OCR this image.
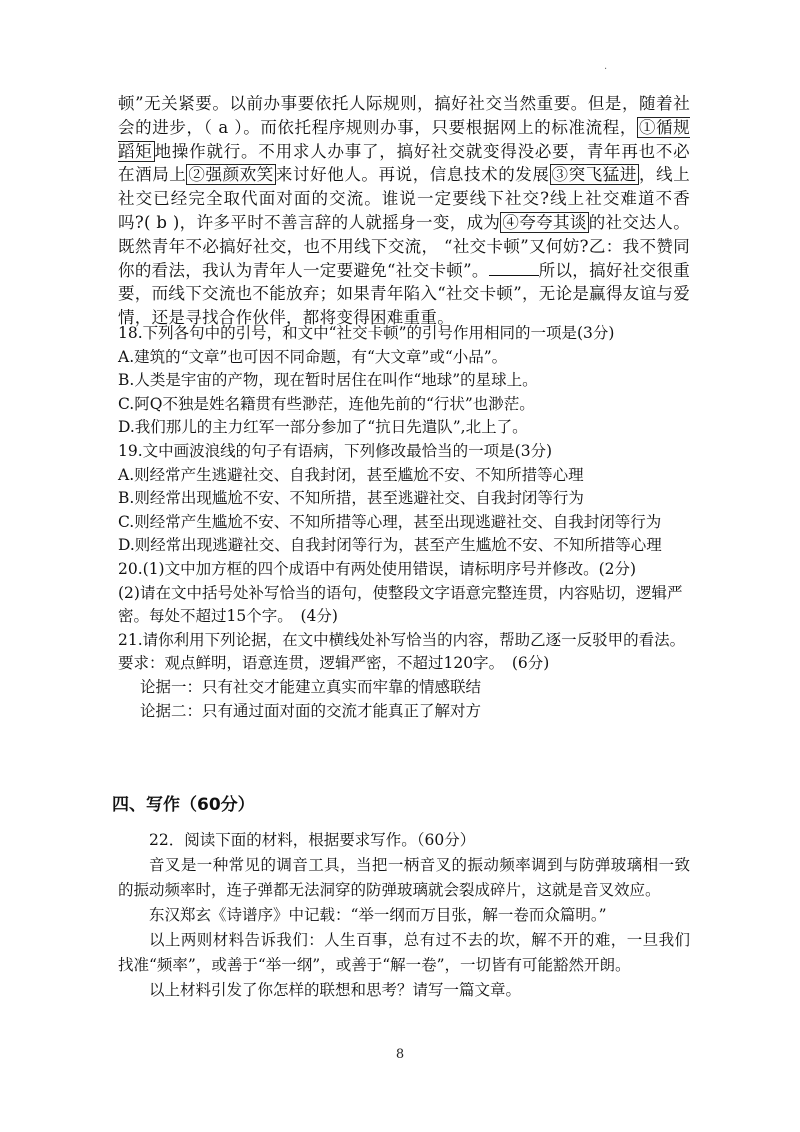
·
顿”无关紧要。以前办事要依托人际规则，搞好社交当然重要。但是，随着社会的进步，（ a ）。而依托程序规则办事，只要根据网上的标准流程， ①循规蹈矩 地操作就行。不用求人办事了，搞好社交就变得没必要，青年再也不必在酒局上 ②强颜欢笑 来讨好他人。再说，信息技术的发展 ③突飞猛进 ，线上社交已经完全取代面对面的交流。谁说一定要线下社交?线上社交难道不香吗?( b )，许多平时不善言辞的人就摇身一变，成为 ④夸夸其谈 的社交达人。既然青年不必搞好社交，也不用线下交流， “社交卡顿”又何妨?乙：我不赞同你的看法，我认为青年人一定要避免“社交卡顿”。	所以，搞好社交很重要，而线下交流也不能放弃；如果青年陷入“社交卡顿”，无论是赢得友谊与爱情，还是寻找合作伙伴，都将变得困难重重。
18.下列各句中的引号，和文中“社交卡顿”的引号作用相同的一项是(3分)
A.建筑的“文章”也可因不同命题，有“大文章”或“小品”。
B.人类是宇宙的产物，现在暂时居住在叫作“地球”的星球上。
C.阿Q不独是姓名籍贯有些渺茫，连他先前的“行状”也渺茫。
D.我们那儿的主力红军一部分参加了“抗日先遣队”,北上了。
19.文中画波浪线的句子有语病，下列修改最恰当的一项是(3分)
A.则经常产生逃避社交、自我封闭，甚至尴尬不安、不知所措等心理
B.则经常出现尴尬不安、不知所措，甚至逃避社交、自我封闭等行为
C.则经常产生尴尬不安、不知所措等心理，甚至出现逃避社交、自我封闭等行为
D.则经常出现逃避社交、自我封闭等行为，甚至产生尴尬不安、不知所措等心理
20.(1)文中加方框的四个成语中有两处使用错误，请标明序号并修改。(2分)
(2)请在文中括号处补写恰当的语句，使整段文字语意完整连贯，内容贴切，逻辑严密。每处不超过15个字。　(4分)
21.请你利用下列论据，在文中横线处补写恰当的内容，帮助乙逐一反驳甲的看法。要求：观点鲜明，语意连贯，逻辑严密，不超过120字。　(6分)
论据一：只有社交才能建立真实而牢靠的情感联结
论据二：只有通过面对面的交流才能真正了解对方
四、写作（60分）

22．阅读下面的材料，根据要求写作。（60分）

音叉是一种常见的调音工具，当把一柄音叉的振动频率调到与防弹玻璃相一致的振动频率时，连子弹都无法洞穿的防弹玻璃就会裂成碎片，这就是音叉效应。

东汉郑玄《诗谱序》中记载：“举一纲而万目张，解一卷而众篇明。”

以上两则材料告诉我们：人生百事，总有过不去的坎，解不开的难，一旦我们找准“频率”，或善于“举一纲”，或善于“解一卷”，一切皆有可能豁然开朗。

以上材料引发了你怎样的联想和思考？请写一篇文章。

8
